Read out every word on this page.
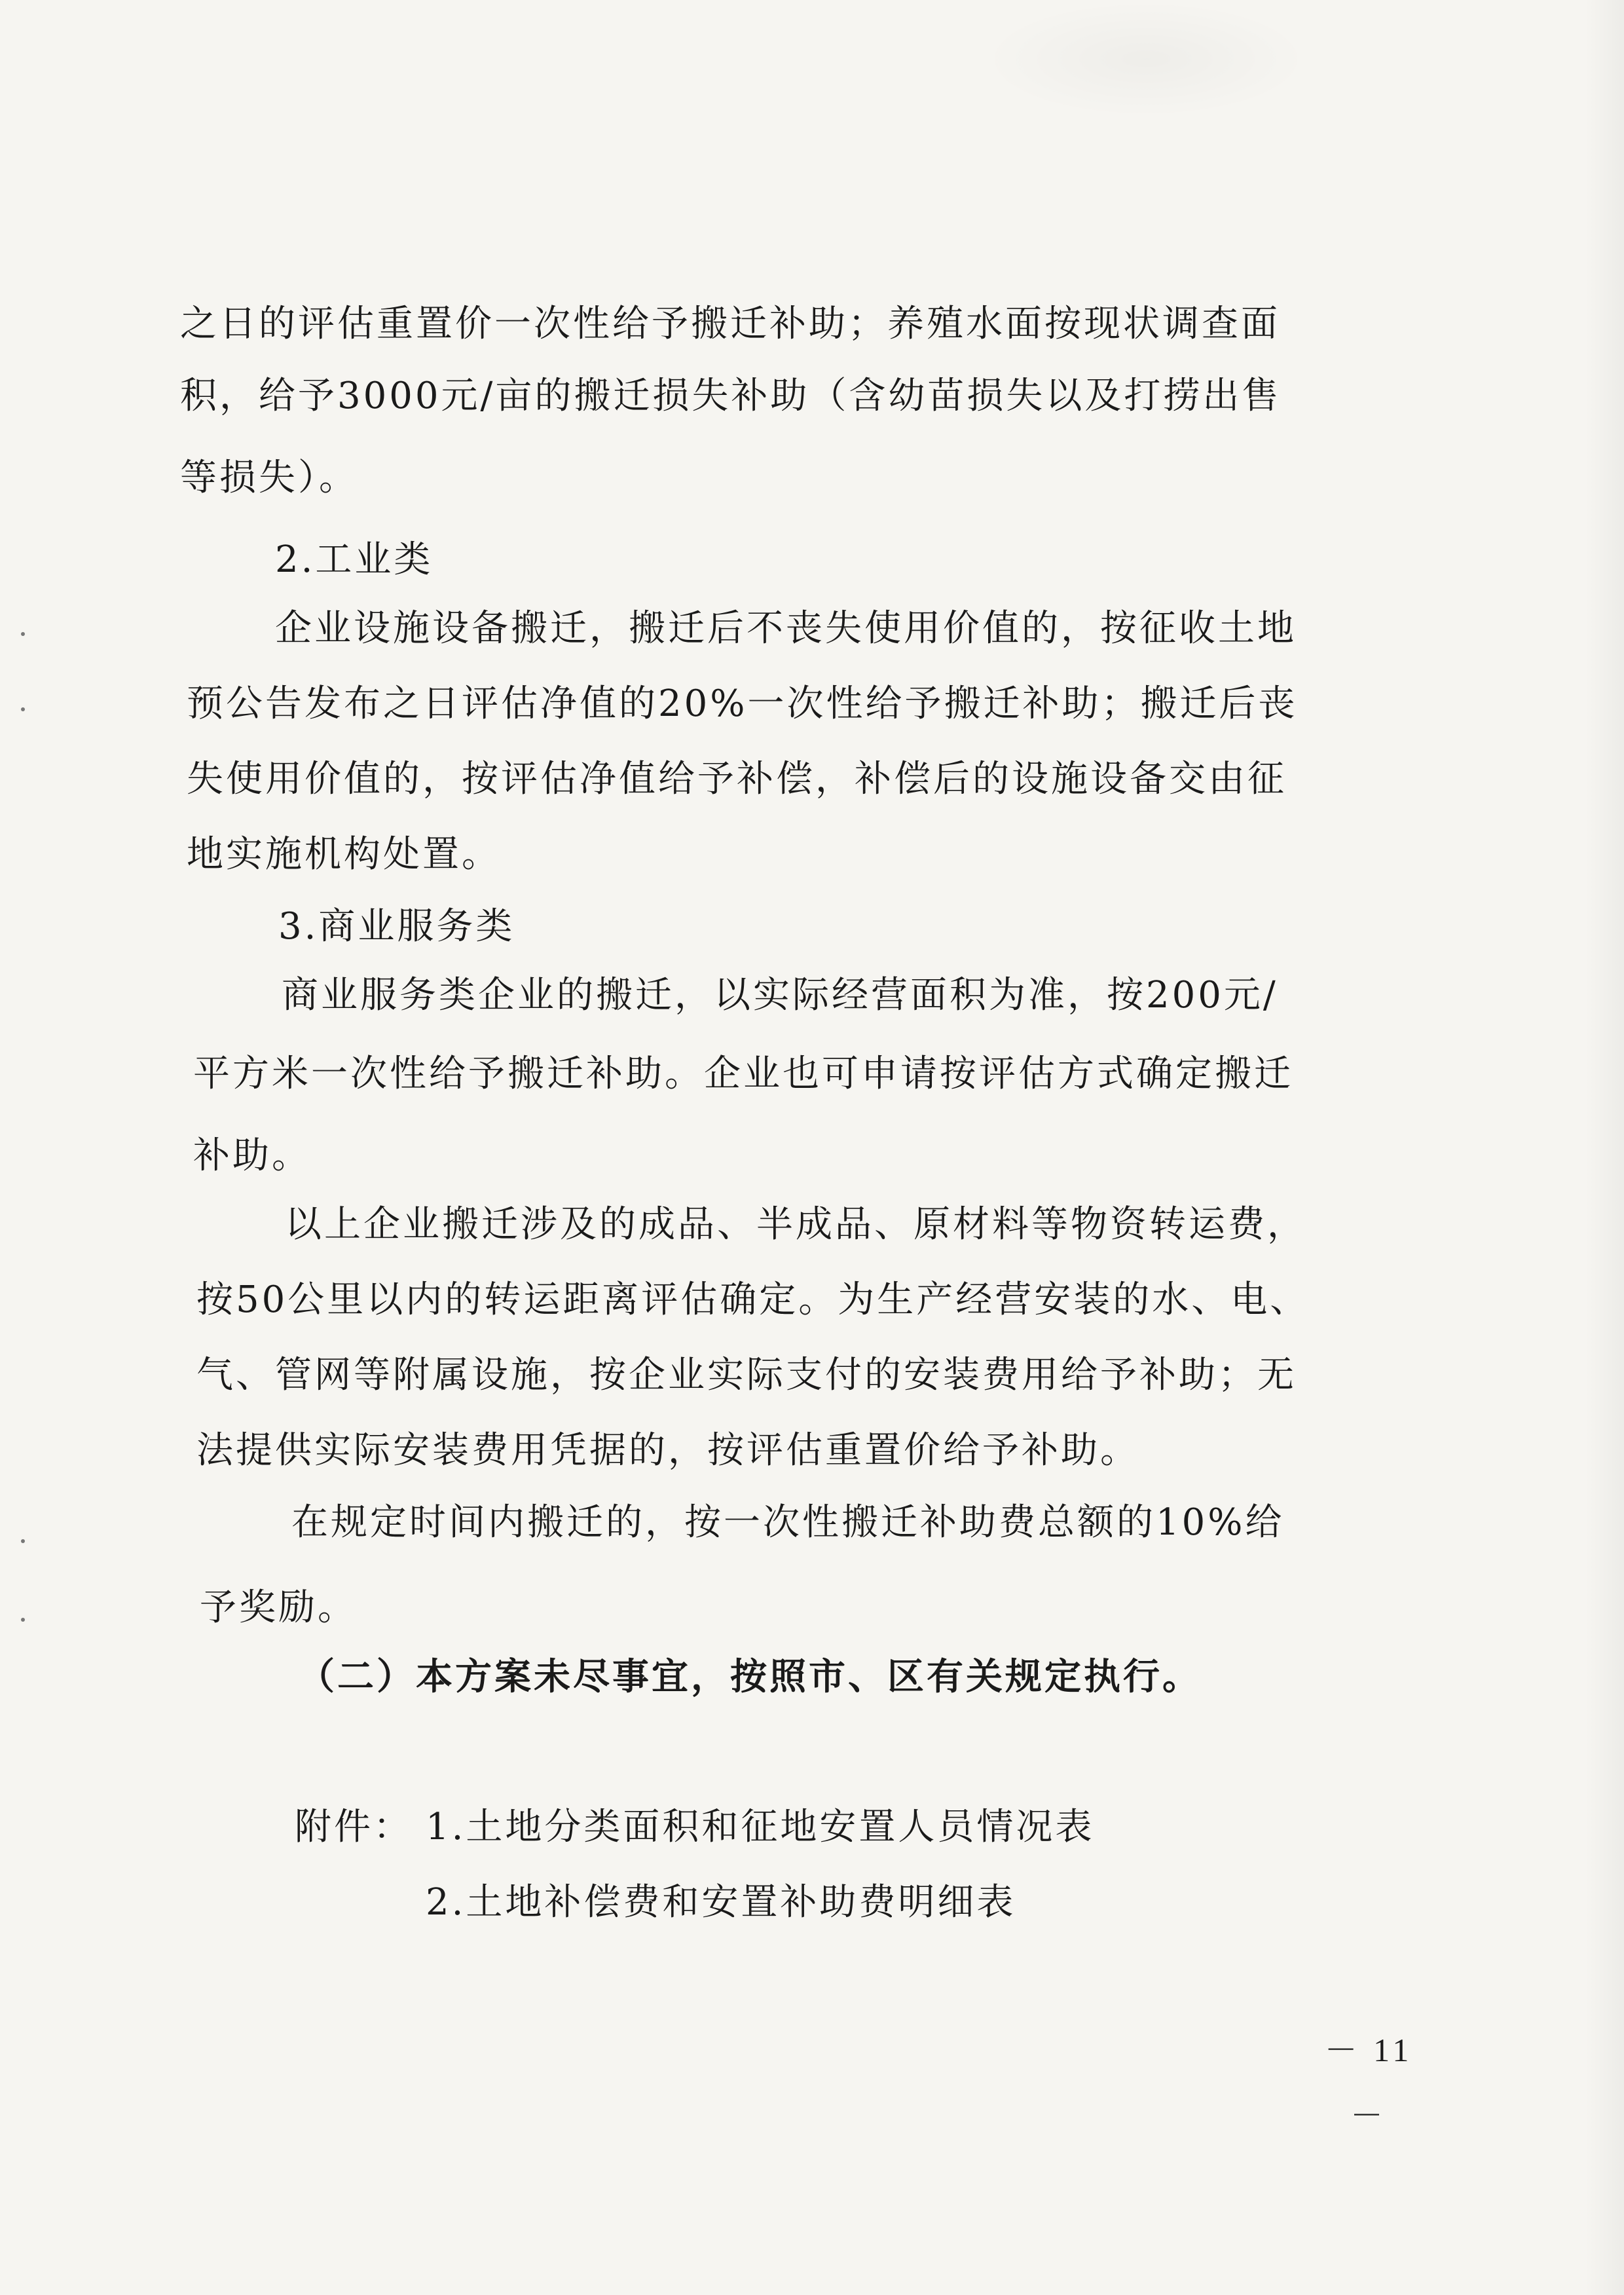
之日的评估重置价一次性给予搬迁补助；养殖水面按现状调查面
积，给予3000元/亩的搬迁损失补助（含幼苗损失以及打捞出售
等损失）。
2.工业类
企业设施设备搬迁，搬迁后不丧失使用价值的，按征收土地
预公告发布之日评估净值的20%一次性给予搬迁补助；搬迁后丧
失使用价值的，按评估净值给予补偿，补偿后的设施设备交由征
地实施机构处置。
3.商业服务类
商业服务类企业的搬迁，以实际经营面积为准，按200元/
平方米一次性给予搬迁补助。企业也可申请按评估方式确定搬迁
补助。
以上企业搬迁涉及的成品、半成品、原材料等物资转运费，
按50公里以内的转运距离评估确定。为生产经营安装的水、电、
气、管网等附属设施，按企业实际支付的安装费用给予补助；无
法提供实际安装费用凭据的，按评估重置价给予补助。
在规定时间内搬迁的，按一次性搬迁补助费总额的10%给
予奖励。
（二）本方案未尽事宜，按照市、区有关规定执行。
附件： 1.土地分类面积和征地安置人员情况表
2.土地补偿费和安置补助费明细表
－ 11 －
